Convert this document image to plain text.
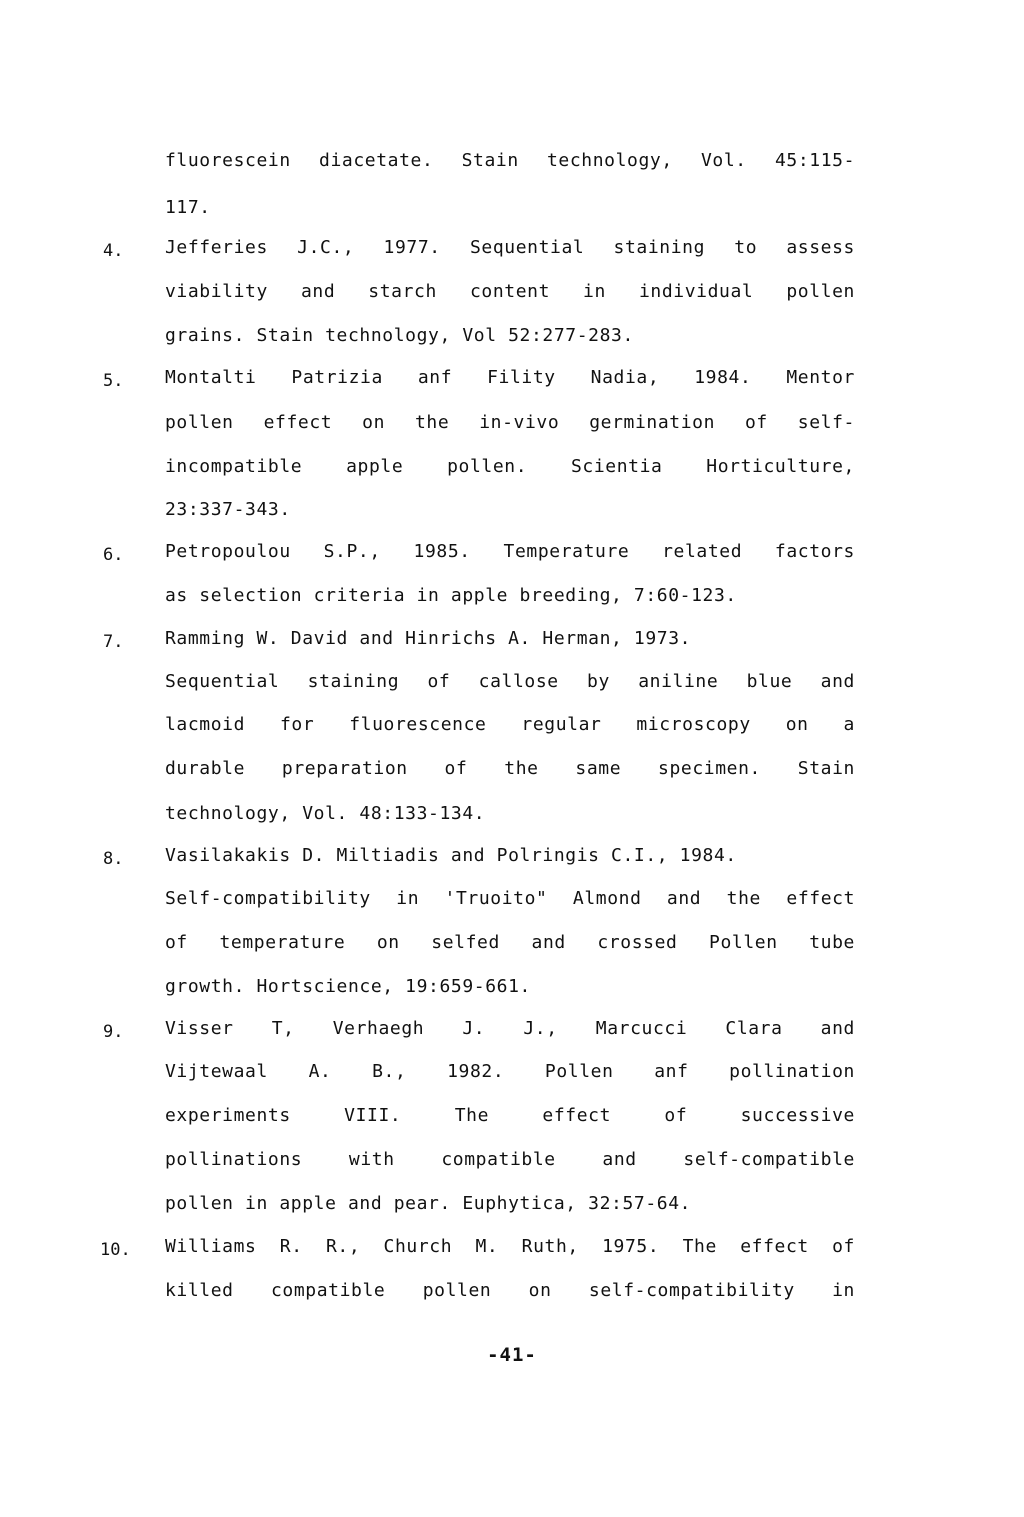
fluorescein diacetate. Stain technology, Vol. 45:115-
117.
4. Jefferies J.C., 1977. Sequential staining to assess
viability and starch content in individual pollen
grains. Stain technology, Vol 52:277-283.
5. Montalti Patrizia anf Fility Nadia, 1984. Mentor
pollen effect on the in-vivo germination of self-
incompatible apple pollen. Scientia Horticulture,
23:337-343.
6. Petropoulou S.P., 1985. Temperature related factors
as selection criteria in apple breeding, 7:60-123.
7. Ramming W. David and Hinrichs A. Herman, 1973.
Sequential staining of callose by aniline blue and
lacmoid for fluorescence regular microscopy on a
durable preparation of the same specimen. Stain
technology, Vol. 48:133-134.
8. Vasilakakis D. Miltiadis and Polringis C.I., 1984.
Self-compatibility in 'Truoito" Almond and the effect
of temperature on selfed and crossed Pollen tube
growth. Hortscience, 19:659-661.
9. Visser T, Verhaegh J. J., Marcucci Clara and
Vijtewaal A. B., 1982. Pollen anf pollination
experiments VIII. The effect of successive
pollinations with compatible and self-compatible
pollen in apple and pear. Euphytica, 32:57-64.
10. Williams R. R., Church M. Ruth, 1975. The effect of
killed compatible pollen on self-compatibility in
-41-
